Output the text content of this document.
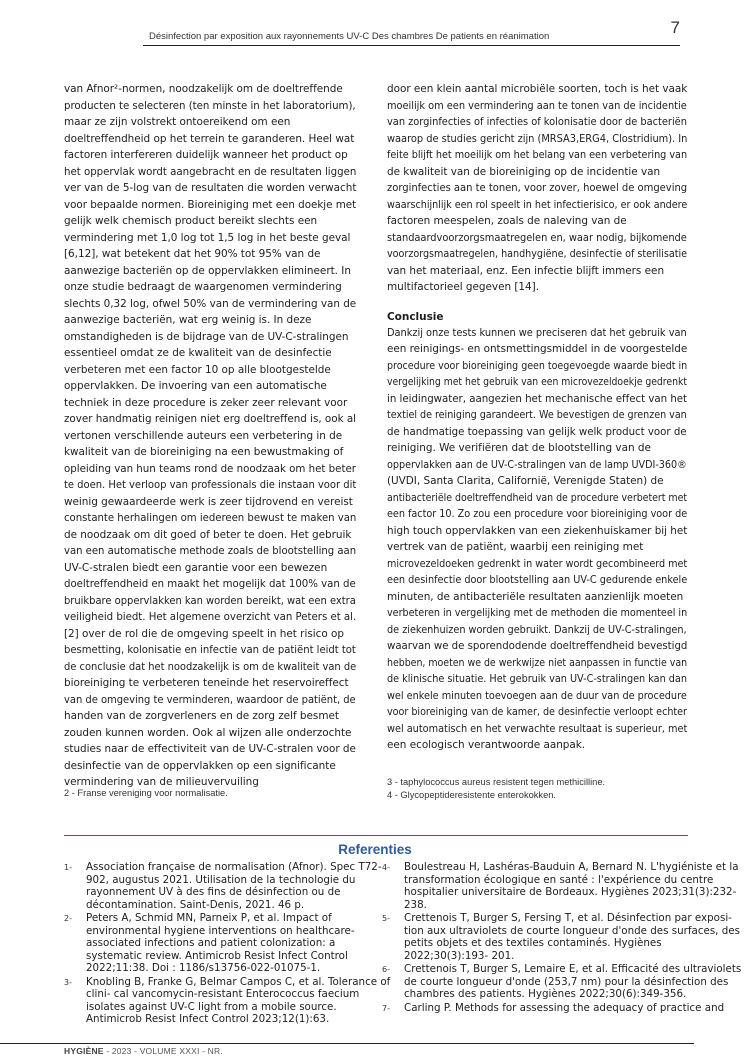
Désinfection par exposition aux rayonnements UV-C Des chambres De patients en réanimation	7
van Afnor²-normen, noodzakelijk om de doeltreffende
producten te selecteren (ten minste in het laboratorium),
maar ze zijn volstrekt ontoereikend om een
doeltreffendheid op het terrein te garanderen. Heel wat
factoren interfereren duidelijk wanneer het product op
het oppervlak wordt aangebracht en de resultaten liggen
ver van de 5-log van de resultaten die worden verwacht
voor bepaalde normen. Bioreiniging met een doekje met
gelijk welk chemisch product bereikt slechts een
vermindering met 1,0 log tot 1,5 log in het beste geval
[6,12], wat betekent dat het 90% tot 95% van de
aanwezige bacteriën op de oppervlakken elimineert. In
onze studie bedraagt de waargenomen vermindering
slechts 0,32 log, ofwel 50% van de vermindering van de
aanwezige bacteriën, wat erg weinig is. In deze
omstandigheden is de bijdrage van de UV-C-stralingen
essentieel omdat ze de kwaliteit van de desinfectie
verbeteren met een factor 10 op alle blootgestelde
oppervlakken. De invoering van een automatische
techniek in deze procedure is zeker zeer relevant voor
zover handmatig reinigen niet erg doeltreffend is, ook al
vertonen verschillende auteurs een verbetering in de
kwaliteit van de bioreiniging na een bewustmaking of
opleiding van hun teams rond de noodzaak om het beter
te doen. Het verloop van professionals die instaan voor dit
weinig gewaardeerde werk is zeer tijdrovend en vereist
constante herhalingen om iedereen bewust te maken van
de noodzaak om dit goed of beter te doen. Het gebruik
van een automatische methode zoals de blootstelling aan
UV-C-stralen biedt een garantie voor een bewezen
doeltreffendheid en maakt het mogelijk dat 100% van de
bruikbare oppervlakken kan worden bereikt, wat een extra
veiligheid biedt. Het algemene overzicht van Peters et al.
[2] over de rol die de omgeving speelt in het risico op
besmetting, kolonisatie en infectie van de patiënt leidt tot
de conclusie dat het noodzakelijk is om de kwaliteit van de
bioreiniging te verbeteren teneinde het reservoireffect
van de omgeving te verminderen, waardoor de patiënt, de
handen van de zorgverleners en de zorg zelf besmet
zouden kunnen worden. Ook al wijzen alle onderzochte
studies naar de effectiviteit van de UV-C-stralen voor de
desinfectie van de oppervlakken op een significante
vermindering van de milieuvervuiling
door een klein aantal microbiële soorten, toch is het vaak
moeilijk om een vermindering aan te tonen van de incidentie
van zorginfecties of infecties of kolonisatie door de bacteriën
waarop de studies gericht zijn (MRSA3,ERG4, Clostridium). In
feite blijft het moeilijk om het belang van een verbetering van
de kwaliteit van de bioreiniging op de incidentie van
zorginfecties aan te tonen, voor zover, hoewel de omgeving
waarschijnlijk een rol speelt in het infectierisico, er ook andere
factoren meespelen, zoals de naleving van de
standaardvoorzorgsmaatregelen en, waar nodig, bijkomende
voorzorgsmaatregelen, handhygiëne, desinfectie of sterilisatie
van het materiaal, enz. Een infectie blijft immers een
multifactorieel gegeven [14].
Conclusie
Dankzij onze tests kunnen we preciseren dat het gebruik van
een reinigings- en ontsmettingsmiddel in de voorgestelde
procedure voor bioreiniging geen toegevoegde waarde biedt in
vergelijking met het gebruik van een microvezeldoekje gedrenkt
in leidingwater, aangezien het mechanische effect van het
textiel de reiniging garandeert. We bevestigen de grenzen van
de handmatige toepassing van gelijk welk product voor de
reiniging. We verifiëren dat de blootstelling van de
oppervlakken aan de UV-C-stralingen van de lamp UVDI-360®
(UVDI, Santa Clarita, Californië, Verenigde Staten) de
antibacteriële doeltreffendheid van de procedure verbetert met
een factor 10. Zo zou een procedure voor bioreiniging voor de
high touch oppervlakken van een ziekenhuiskamer bij het
vertrek van de patiënt, waarbij een reiniging met
microvezeldoeken gedrenkt in water wordt gecombineerd met
een desinfectie door blootstelling aan UV-C gedurende enkele
minuten, de antibacteriële resultaten aanzienlijk moeten
verbeteren in vergelijking met de methoden die momenteel in
de ziekenhuizen worden gebruikt. Dankzij de UV-C-stralingen,
waarvan we de sporendodende doeltreffendheid bevestigd
hebben, moeten we de werkwijze niet aanpassen in functie van
de klinische situatie. Het gebruik van UV-C-stralingen kan dan
wel enkele minuten toevoegen aan de duur van de procedure
voor bioreiniging van de kamer, de desinfectie verloopt echter
wel automatisch en het verwachte resultaat is superieur, met
een ecologisch verantwoorde aanpak.
2 - Franse vereniging voor normalisatie.
3 - taphylococcus aureus resistent tegen methicilline.
4 - Glycopeptideresistente enterokokken.
Referenties
1-	Association française de normalisation (Afnor). Spec T72-
902, augustus 2021. Utilisation de la technologie du
rayonnement UV à des fins de désinfection ou de
décontamination. Saint-Denis, 2021. 46 p.
2-	Peters A, Schmid MN, Parneix P, et al. Impact of
environmental hygiene interventions on healthcare-
associated infections and patient colonization: a
systematic review. Antimicrob Resist Infect Control
2022;11:38. Doi : 1186/s13756-022-01075-1.
3-	Knobling B, Franke G, Belmar Campos C, et al. Tolerance of
clini- cal vancomycin-resistant Enterococcus faecium
isolates against UV-C light from a mobile source.
Antimicrob Resist Infect Control 2023;12(1):63.
4-	Boulestreau H, Lashéras-Bauduin A, Bernard N. L'hygiéniste et la
transformation écologique en santé : l'expérience du centre
hospitalier universitaire de Bordeaux. Hygiènes 2023;31(3):232-
238.
5-	Crettenois T, Burger S, Fersing T, et al. Désinfection par exposi-
tion aux ultraviolets de courte longueur d'onde des surfaces, des
petits objets et des textiles contaminés. Hygiènes
2022;30(3):193- 201.
6-	Crettenois T, Burger S, Lemaire E, et al. Efficacité des ultraviolets
de courte longueur d'onde (253,7 nm) pour la désinfection des
chambres des patients. Hygiènes 2022;30(6):349-356.
7-	Carling P. Methods for assessing the adequacy of practice and
HYGIÈNE - 2023 - VOLUME XXXI - NR.
